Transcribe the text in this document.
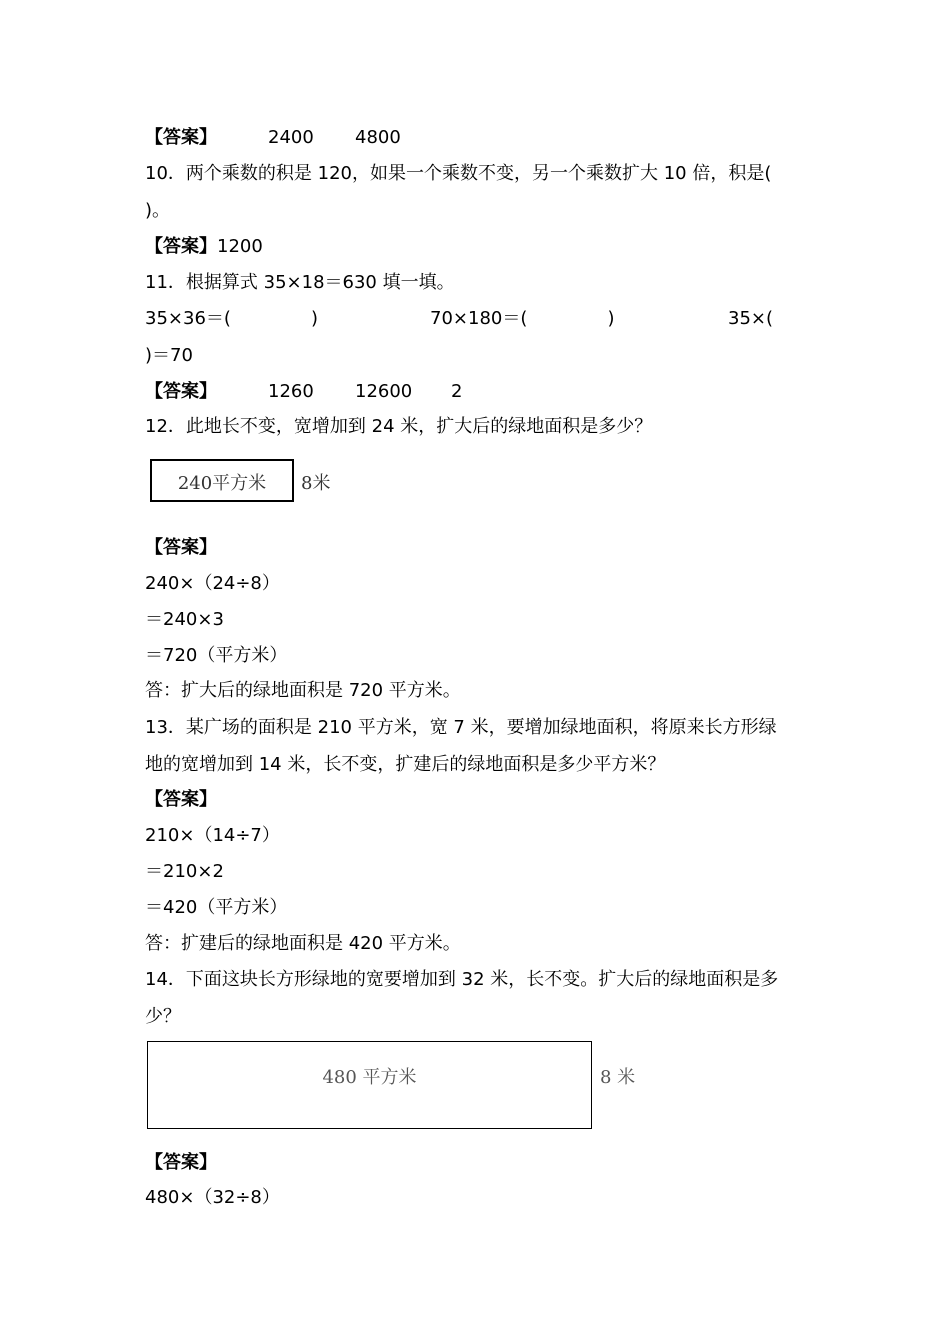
【答案】	2400 4800
10．两个乘数的积是 120，如果一个乘数不变，另一个乘数扩大 10 倍，积是(
)。
【答案】1200
11．根据算式 35×18＝630 填一填。
35×36＝(              )	70×180＝(              )	35×(
)＝70
【答案】	1260 12600 2
12．此地长不变，宽增加到 24 米，扩大后的绿地面积是多少？
240平方米	8米
【答案】
240×（24÷8）
＝240×3
＝720（平方米）
答：扩大后的绿地面积是 720 平方米。
13．某广场的面积是 210 平方米，宽 7 米，要增加绿地面积，将原来长方形绿
地的宽增加到 14 米，长不变，扩建后的绿地面积是多少平方米？
【答案】
210×（14÷7）
＝210×2
＝420（平方米）
答：扩建后的绿地面积是 420 平方米。
14．下面这块长方形绿地的宽要增加到 32 米，长不变。扩大后的绿地面积是多
少？
480 平方米	8 米
【答案】
480×（32÷8）
